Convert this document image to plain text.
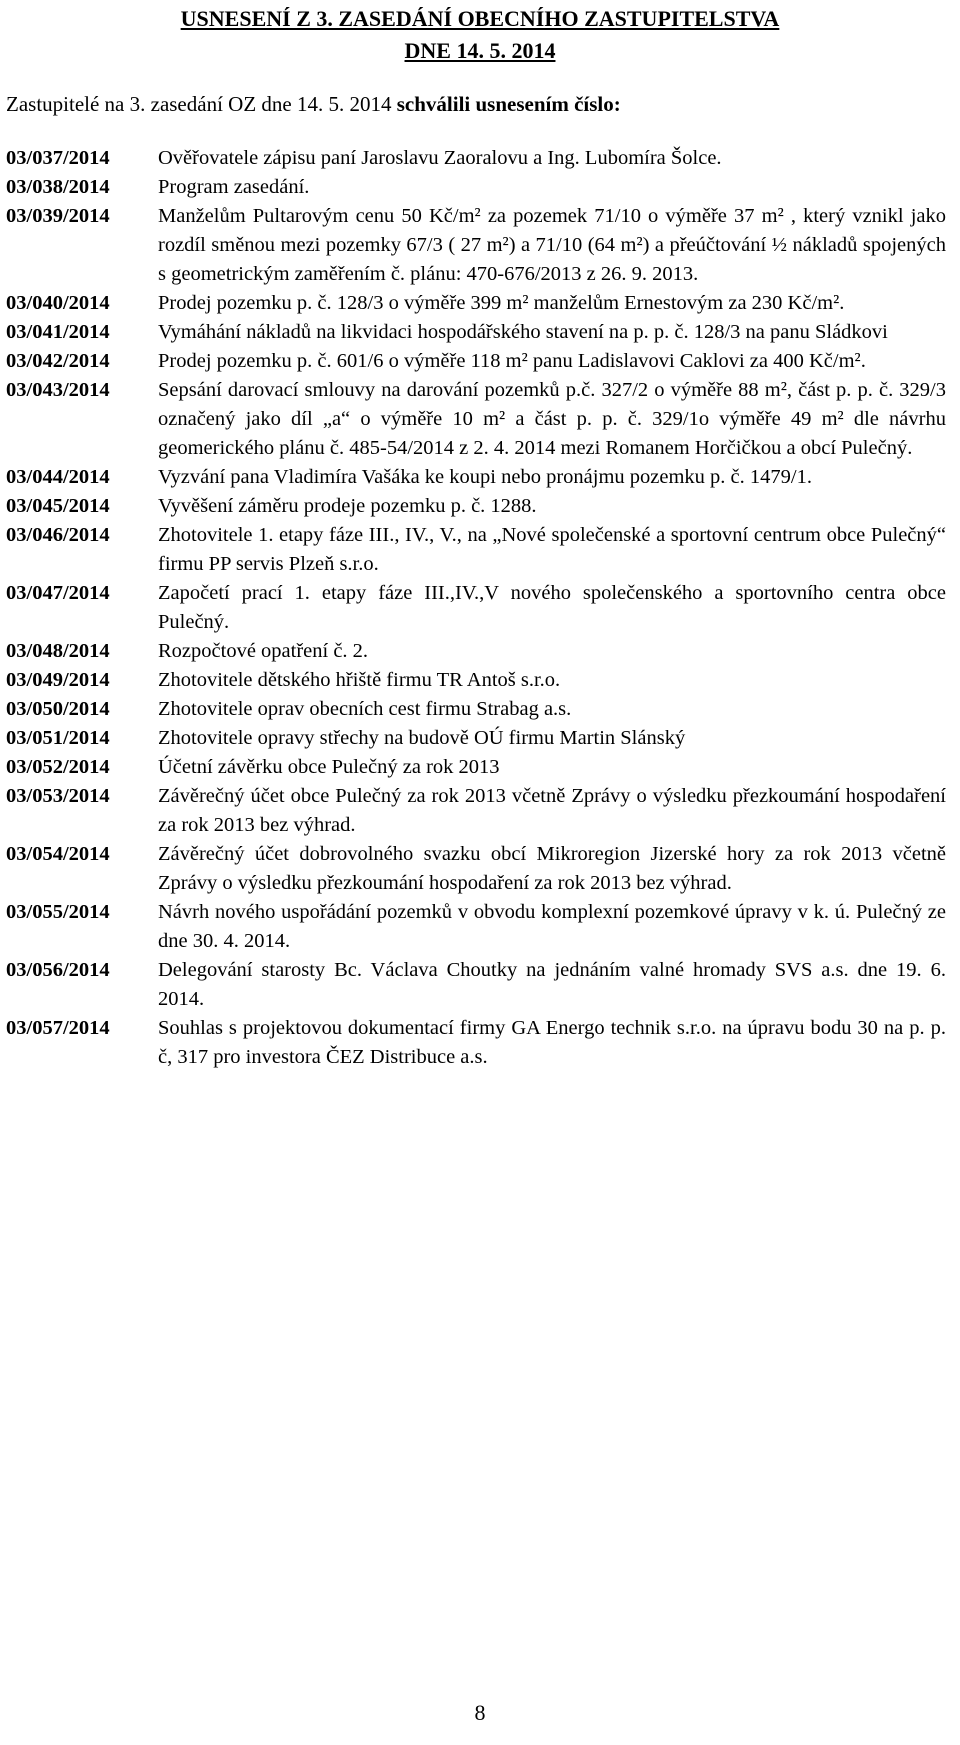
USNESENÍ Z 3. ZASEDÁNÍ OBECNÍHO ZASTUPITELSTVA
DNE 14. 5. 2014
Zastupitelé na 3. zasedání OZ dne 14. 5. 2014 schválili usnesením číslo:
03/037/2014	Ověřovatele zápisu paní Jaroslavu Zaoralovu a Ing. Lubomíra Šolce.
03/038/2014	Program zasedání.
03/039/2014	Manželům Pultarovým cenu 50 Kč/m² za pozemek 71/10 o výměře 37 m² , který vznikl jako rozdíl směnou mezi pozemky 67/3 ( 27 m²) a 71/10 (64 m²) a přeúčtování ½ nákladů spojených s geometrickým zaměřením č. plánu: 470-676/2013 z 26. 9. 2013.
03/040/2014	Prodej pozemku p. č. 128/3 o výměře 399 m² manželům Ernestovým za 230 Kč/m².
03/041/2014	Vymáhání nákladů na likvidaci hospodářského stavení na p. p. č. 128/3 na panu Sládkovi
03/042/2014	Prodej pozemku p. č. 601/6 o výměře 118 m² panu Ladislavovi Caklovi za 400 Kč/m².
03/043/2014	Sepsání darovací smlouvy na darování pozemků p.č. 327/2 o výměře 88 m², část p. p. č. 329/3 označený jako díl „a“ o výměře 10 m² a část p. p. č. 329/1o výměře 49 m² dle návrhu geomerického plánu č. 485-54/2014 z 2. 4. 2014 mezi Romanem Horčičkou a obcí Pulečný.
03/044/2014	Vyzvání pana Vladimíra Vašáka ke koupi nebo pronájmu pozemku p. č. 1479/1.
03/045/2014	Vyvěšení záměru prodeje pozemku p. č. 1288.
03/046/2014	Zhotovitele 1. etapy fáze III., IV., V., na „Nové společenské a sportovní centrum obce Pulečný“ firmu PP servis Plzeň s.r.o.
03/047/2014	Započetí prací 1. etapy fáze III.,IV.,V nového společenského a sportovního centra obce Pulečný.
03/048/2014	Rozpočtové opatření č. 2.
03/049/2014	Zhotovitele dětského hřiště firmu TR Antoš s.r.o.
03/050/2014	Zhotovitele oprav obecních cest firmu Strabag a.s.
03/051/2014	Zhotovitele opravy střechy na budově OÚ firmu Martin Slánský
03/052/2014	Účetní závěrku obce Pulečný za rok 2013
03/053/2014	Závěrečný účet obce Pulečný za rok 2013 včetně Zprávy o výsledku přezkoumání hospodaření za rok 2013 bez výhrad.
03/054/2014	Závěrečný účet dobrovolného svazku obcí Mikroregion Jizerské hory za rok 2013 včetně Zprávy o výsledku přezkoumání hospodaření za rok 2013 bez výhrad.
03/055/2014	Návrh nového uspořádání pozemků v obvodu komplexní pozemkové úpravy v k. ú. Pulečný ze dne 30. 4. 2014.
03/056/2014	Delegování starosty Bc. Václava Choutky na jednáním valné hromady SVS a.s. dne 19. 6. 2014.
03/057/2014	Souhlas s projektovou dokumentací firmy GA Energo technik s.r.o. na úpravu bodu 30 na p. p. č, 317 pro investora ČEZ Distribuce a.s.
8
